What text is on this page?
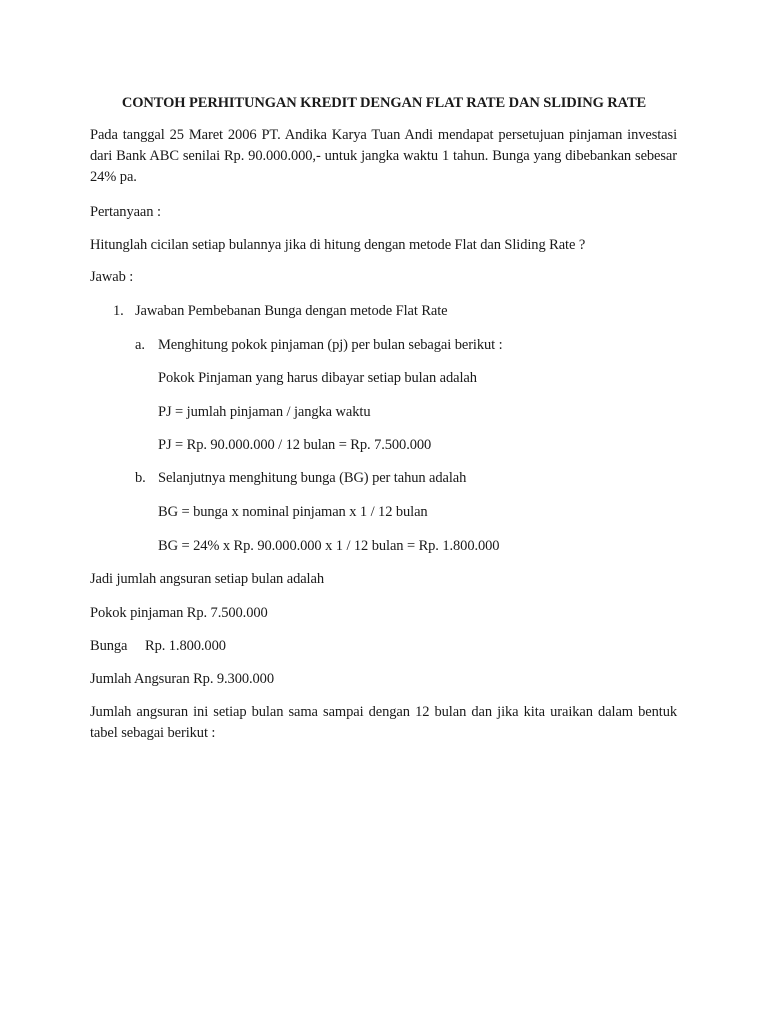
CONTOH PERHITUNGAN KREDIT DENGAN FLAT RATE DAN SLIDING RATE

Pada tanggal 25 Maret 2006 PT. Andika Karya Tuan Andi mendapat persetujuan pinjaman investasi dari Bank ABC senilai Rp. 90.000.000,- untuk jangka waktu 1 tahun. Bunga yang dibebankan sebesar 24% pa.

Pertanyaan :

Hitunglah cicilan setiap bulannya jika di hitung dengan metode Flat dan Sliding Rate ?

Jawab :

1. Jawaban Pembebanan Bunga dengan metode Flat Rate
a. Menghitung pokok pinjaman (pj) per bulan sebagai berikut :

Pokok Pinjaman yang harus dibayar setiap bulan adalah

PJ = jumlah pinjaman / jangka waktu

PJ = Rp. 90.000.000 / 12 bulan = Rp. 7.500.000

b. Selanjutnya menghitung bunga (BG) per tahun adalah

BG = bunga x nominal pinjaman x 1 / 12 bulan

BG = 24% x Rp. 90.000.000 x 1 / 12 bulan = Rp. 1.800.000

Jadi jumlah angsuran setiap bulan adalah

Pokok pinjaman Rp. 7.500.000

Bunga Rp. 1.800.000

Jumlah Angsuran Rp. 9.300.000

Jumlah angsuran ini setiap bulan sama sampai dengan 12 bulan dan jika kita uraikan dalam bentuk tabel sebagai berikut :
